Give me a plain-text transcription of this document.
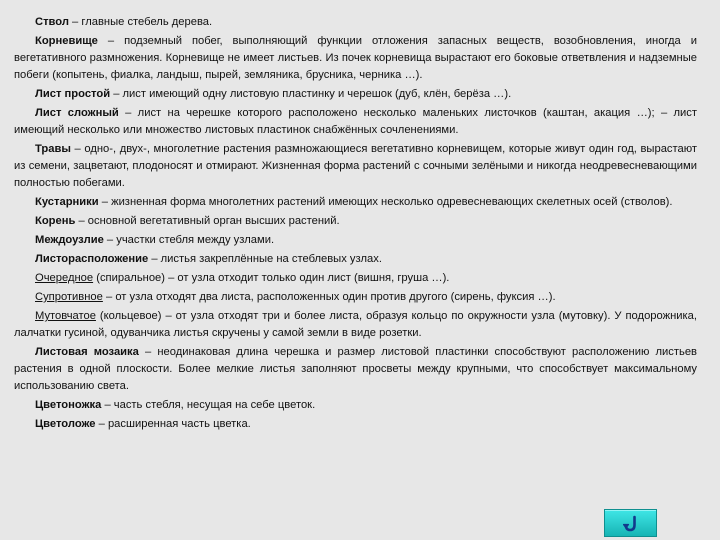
Ствол – главные стебель дерева.

Корневище – подземный побег, выполняющий функции отложения запасных веществ, возобновления, иногда и вегетативного размножения. Корневище не имеет листьев. Из почек корневища вырастают его боковые ответвления и надземные побеги (копытень, фиалка, ландыш, пырей, земляника, брусника, черника …).

Лист простой – лист имеющий одну листовую пластинку и черешок (дуб, клён, берёза …).

Лист сложный – лист на черешке которого расположено несколько маленьких листочков (каштан, акация …); – лист имеющий несколько или множество листовых пластинок снабжённых сочленениями.

Травы – одно-, двух-, многолетние растения размножающиеся вегетативно корневищем, которые живут один год, вырастают из семени, зацветают, плодоносят и отмирают. Жизненная форма растений с сочными зелёными и никогда неодревесневающими полностью побегами.

Кустарники – жизненная форма многолетних растений имеющих несколько одревесневающих скелетных осей (стволов).

Корень – основной вегетативный орган высших растений.

Междоузлие – участки стебля между узлами.

Листорасположение – листья закреплённые на стеблевых узлах.

Очередное (спиральное) – от узла отходит только один лист (вишня, груша …).

Супротивное – от узла отходят два листа, расположенных один против другого (сирень, фуксия …).

Мутовчатое (кольцевое) – от узла отходят три и более листа, образуя кольцо по окружности узла (мутовку). У подорожника, лалчатки гусиной, одуванчика листья скручены у самой земли в виде розетки.

Листовая мозаика – неодинаковая длина черешка и размер листовой пластинки способствуют расположению листьев растения в одной плоскости. Более мелкие листья заполняют просветы между крупными, что способствует максимальному использованию света.

Цветоножка – часть стебля, несущая на себе цветок.

Цветоложе – расширенная часть цветка.
